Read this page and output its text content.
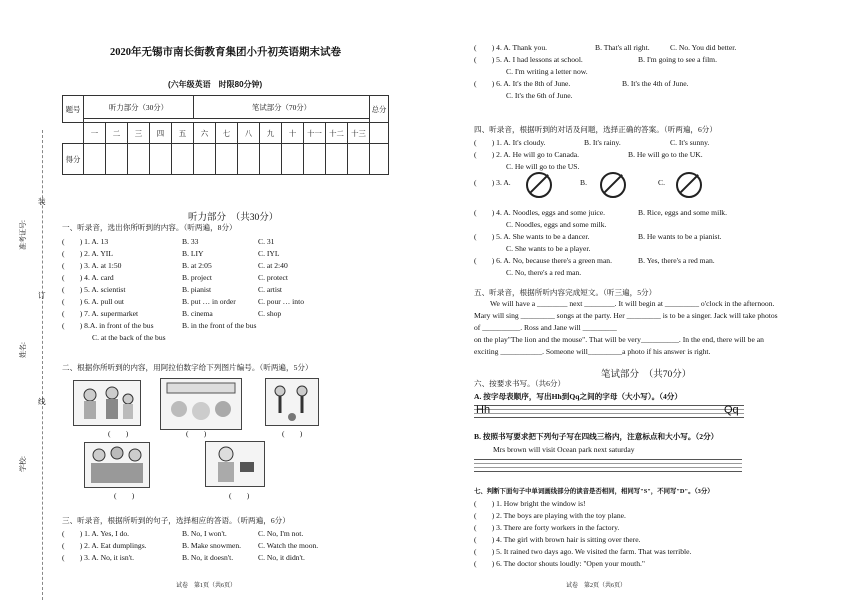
准考证号:
姓名:
学校:
装
订
线
2020年无锡市南长街教育集团小升初英语期末试卷
(六年级英语　时限80分钟)
题号	听力部分（30分）					笔试部分（70分）								总分

	一	二	三	四	五	六	七	八	九	十	十一	十二	十三	
得分														
听力部分　（共30分）
一、听录音，选出你所听到的内容。（听两遍，8分）
(　　) 1. A. 13	B. 33	C. 31
(　　) 2. A. YIL	B. LIY	C. IYL
(　　) 3. A. at 1:50	B. at 2:05	C. at 2:40
(　　) 4. A. card	B. project	C. protect
(　　) 5. A. scientist	B. pianist	C. artist
(　　) 6. A. pull out	B. put … in order	C. pour … into
(　　) 7. A. supermarket	B. cinema	C. shop
(　　) 8.A. in front of the bus	B. in the front of the bus
C. at the back of the bus
二、根据你所听到的内容，用阿拉伯数字给下列图片编号。（听两遍，5分）
(　　)	(　　)	(　　)
(　　)	(　　)
三、听录音，根据所听到的句子，选择相应的答语。（听两遍，6分）
(　　) 1. A. Yes, I do.	B. No, I won't.	C. No, I'm not.
(　　) 2. A. Eat dumplings.	B. Make snowmen. C. Watch the moon.
(　　) 3. A. No, it isn't.	B. No, it doesn't.	C. No, it didn't.
试卷　第1页（共6页）
(　　) 4. A. Thank you.	B. That's all right.	C. No. You did better.
(　　) 5. A. I had lessons at school.	B. I'm going to see a film.
C. I'm writing a letter now.
(　　) 6. A. It's the 8th of June.	B. It's the 4th of June.
C. It's the 6th of June.
四、听录音，根据听到的对话及问题，选择正确的答案。（听两遍，6分）
(　　) 1. A. It's cloudy.	B. It's rainy.	C. It's sunny.
(　　) 2. A. He will go to Canada.	B. He will go to the UK.
C. He will go to the US.
(　　) 3. A.	B.	C.
(　　) 4. A. Noodles, eggs and some juice.	B. Rice, eggs and some milk.
C. Noodles, eggs and some milk.
(　　) 5. A. She wants to be a dancer.	B. He wants to be a pianist.
C. She wants to be a player.
(　　) 6. A. No, because there's a green man.	B. Yes, there's a red man.
C. No, there's a red man.
五、听录音，根据所听内容完成短文。（听三遍，5分）
We will have a ________ next ________. It will begin at _________ o'clock in the afternoon.
Mary will sing _________ songs at the party. Her _________ is to be a singer. Jack will take photos
of __________. Ross and Jane will _________
on the play"The lion and the mouse". That will be very__________. In the end, there will be an
exciting ___________. Someone will_________a photo if his answer is right.
笔试部分　（共70分）
六、按要求书写。（共6分）
A. 按字母表顺序，写出Hh到Qq之间的字母（大小写）。（4分）
Hh	Qq
B. 按照书写要求把下列句子写在四线三格内，注意标点和大小写。（2分）
Mrs brown will visit Ocean park next saturday
七、判断下面句子中单词画线部分的读音是否相同，相同写"S"，不同写"D"。（3分）
(　　) 1. How bright the window is!
(　　) 2. The boys are playing with the toy plane.
(　　) 3. There are forty workers in the factory.
(　　) 4. The girl with brown hair is sitting over there.
(　　) 5. It rained two days ago. We visited the farm. That was terrible.
(　　) 6. The doctor shouts loudly: "Open your mouth."
试卷　第2页（共6页）
